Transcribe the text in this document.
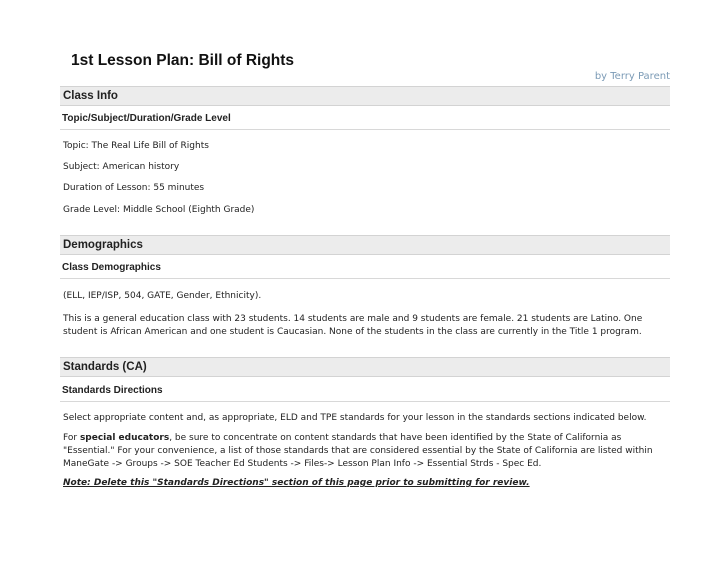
1st Lesson Plan: Bill of Rights
by Terry Parent
Class Info
Topic/Subject/Duration/Grade Level
Topic: The Real Life Bill of Rights
Subject: American history
Duration of Lesson: 55 minutes
Grade Level: Middle School (Eighth Grade)
Demographics
Class Demographics
(ELL, IEP/ISP, 504, GATE, Gender, Ethnicity).
This is a general education class with 23 students. 14 students are male and 9 students are female. 21 students are Latino. One
student is African American and one student is Caucasian. None of the students in the class are currently in the Title 1 program.
Standards (CA)
Standards Directions
Select appropriate content and, as appropriate, ELD and TPE standards for your lesson in the standards sections indicated below.
For special educators, be sure to concentrate on content standards that have been identified by the State of California as
"Essential." For your convenience, a list of those standards that are considered essential by the State of California are listed within
ManeGate -> Groups -> SOE Teacher Ed Students -> Files-> Lesson Plan Info -> Essential Strds - Spec Ed.
Note: Delete this "Standards Directions" section of this page prior to submitting for review.
